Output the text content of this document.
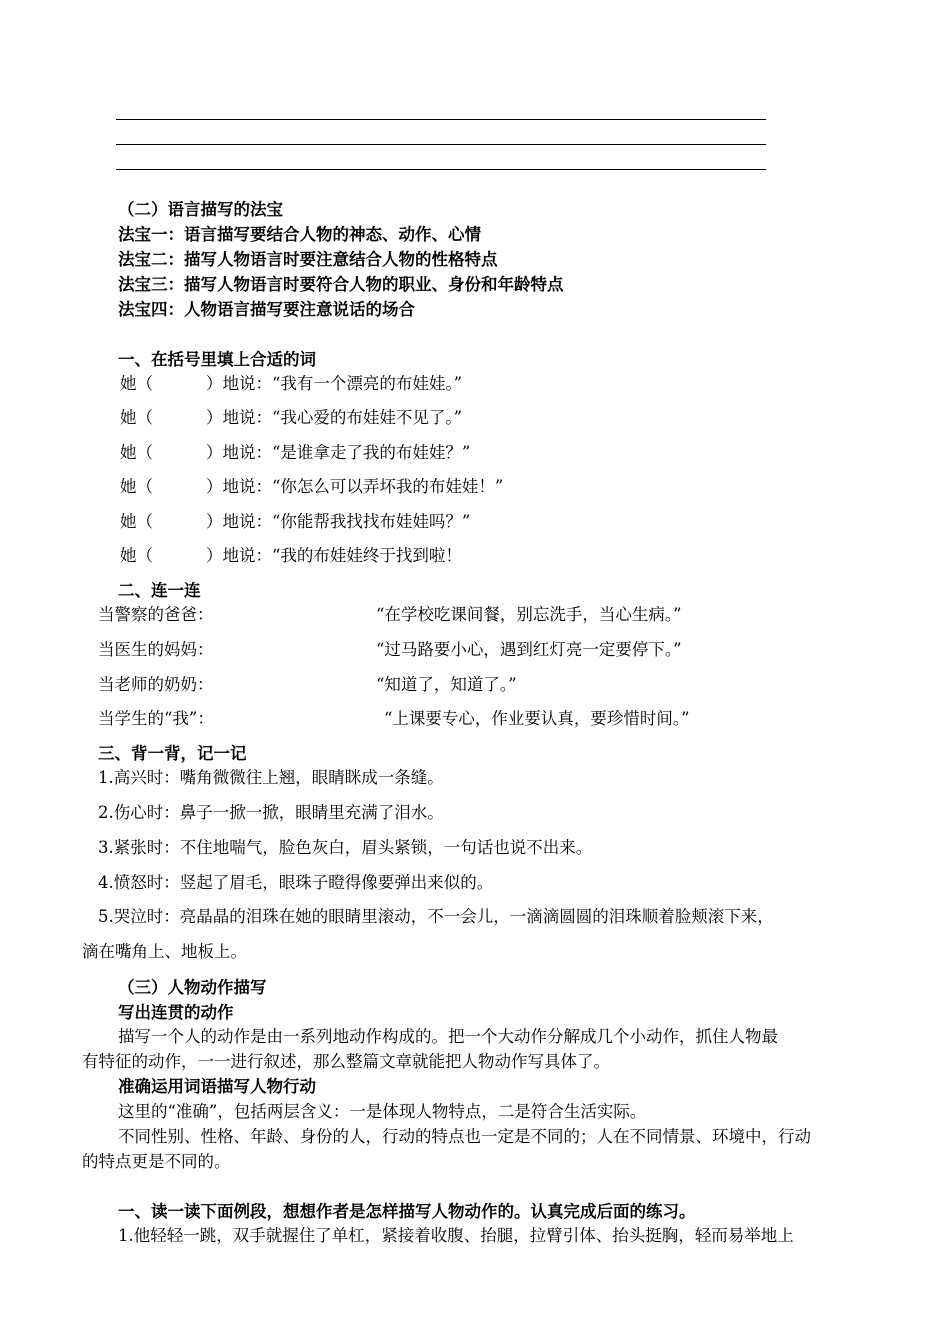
（二）语言描写的法宝
法宝一：语言描写要结合人物的神态、动作、心情
法宝二：描写人物语言时要注意结合人物的性格特点
法宝三：描写人物语言时要符合人物的职业、身份和年龄特点
法宝四：人物语言描写要注意说话的场合
一、在括号里填上合适的词
她（	）地说：“我有一个漂亮的布娃娃。”
她（	）地说：“我心爱的布娃娃不见了。”
她（	）地说：“是谁拿走了我的布娃娃？”
她（	）地说：“你怎么可以弄坏我的布娃娃！”
她（	）地说：“你能帮我找找布娃娃吗？”
她（	）地说：“我的布娃娃终于找到啦！
二、连一连
当警察的爸爸：	“在学校吃课间餐，别忘洗手，当心生病。”
当医生的妈妈：	“过马路要小心，遇到红灯亮一定要停下。”
当老师的奶奶：	“知道了，知道了。”
当学生的“我”：	“上课要专心，作业要认真，要珍惜时间。”
三、背一背，记一记
1.高兴时：嘴角微微往上翘，眼睛眯成一条缝。
2.伤心时：鼻子一掀一掀，眼睛里充满了泪水。
3.紧张时：不住地喘气，脸色灰白，眉头紧锁，一句话也说不出来。
4.愤怒时：竖起了眉毛，眼珠子瞪得像要弹出来似的。
5.哭泣时：亮晶晶的泪珠在她的眼睛里滚动，不一会儿，一滴滴圆圆的泪珠顺着脸颊滚下来，
滴在嘴角上、地板上。
（三）人物动作描写
写出连贯的动作
描写一个人的动作是由一系列地动作构成的。把一个大动作分解成几个小动作，抓住人物最
有特征的动作，一一进行叙述，那么整篇文章就能把人物动作写具体了。
准确运用词语描写人物行动
这里的“准确”，包括两层含义：一是体现人物特点，二是符合生活实际。
不同性别、性格、年龄、身份的人，行动的特点也一定是不同的；人在不同情景、环境中，行动
的特点更是不同的。
一、读一读下面例段，想想作者是怎样描写人物动作的。认真完成后面的练习。
1.他轻轻一跳，双手就握住了单杠，紧接着收腹、抬腿，拉臂引体、抬头挺胸，轻而易举地上
